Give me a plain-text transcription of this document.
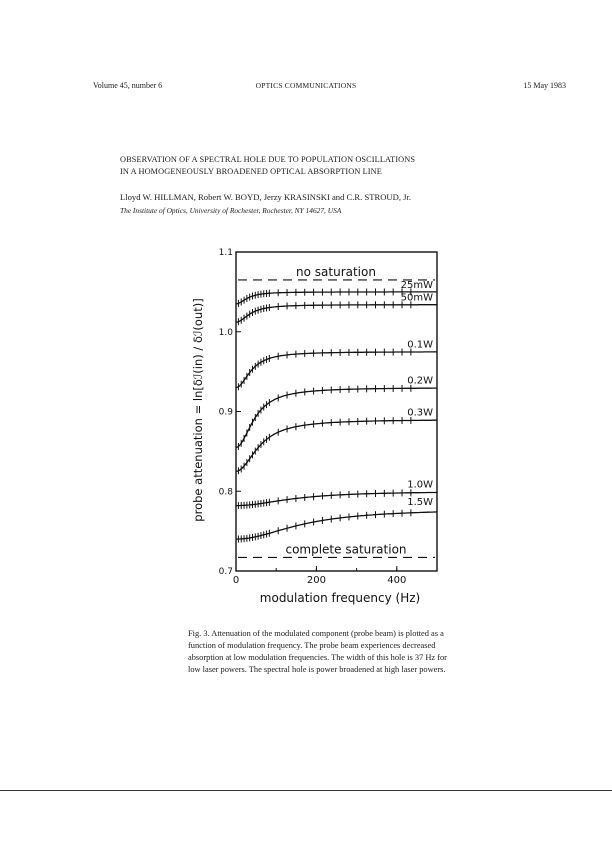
Volume 45, number 6	OPTICS COMMUNICATIONS	15 May 1983
OBSERVATION OF A SPECTRAL HOLE DUE TO POPULATION OSCILLATIONS
IN A HOMOGENEOUSLY BROADENED OPTICAL ABSORPTION LINE
Lloyd W. HILLMAN, Robert W. BOYD, Jerzy KRASINSKI and C.R. STROUD, Jr.
The Institute of Optics, University of Rochester, Rochester, NY 14627, USA
no saturation
complete saturation
25mW
50mW
0.1W
0.2W
0.3W
1.0W
1.5W
0	200	400
0.7
0.8
0.9
1.0
1.1
modulation frequency (Hz)
probe attenuation = ln[δℐ(in) / δℐ(out)]
Fig. 3. Attenuation of the modulated component (probe beam) is plotted as a function of modulation frequency. The probe beam experiences decreased absorption at low modulation frequencies. The width of this hole is 37 Hz for low laser powers. The spectral hole is power broadened at high laser powers.
